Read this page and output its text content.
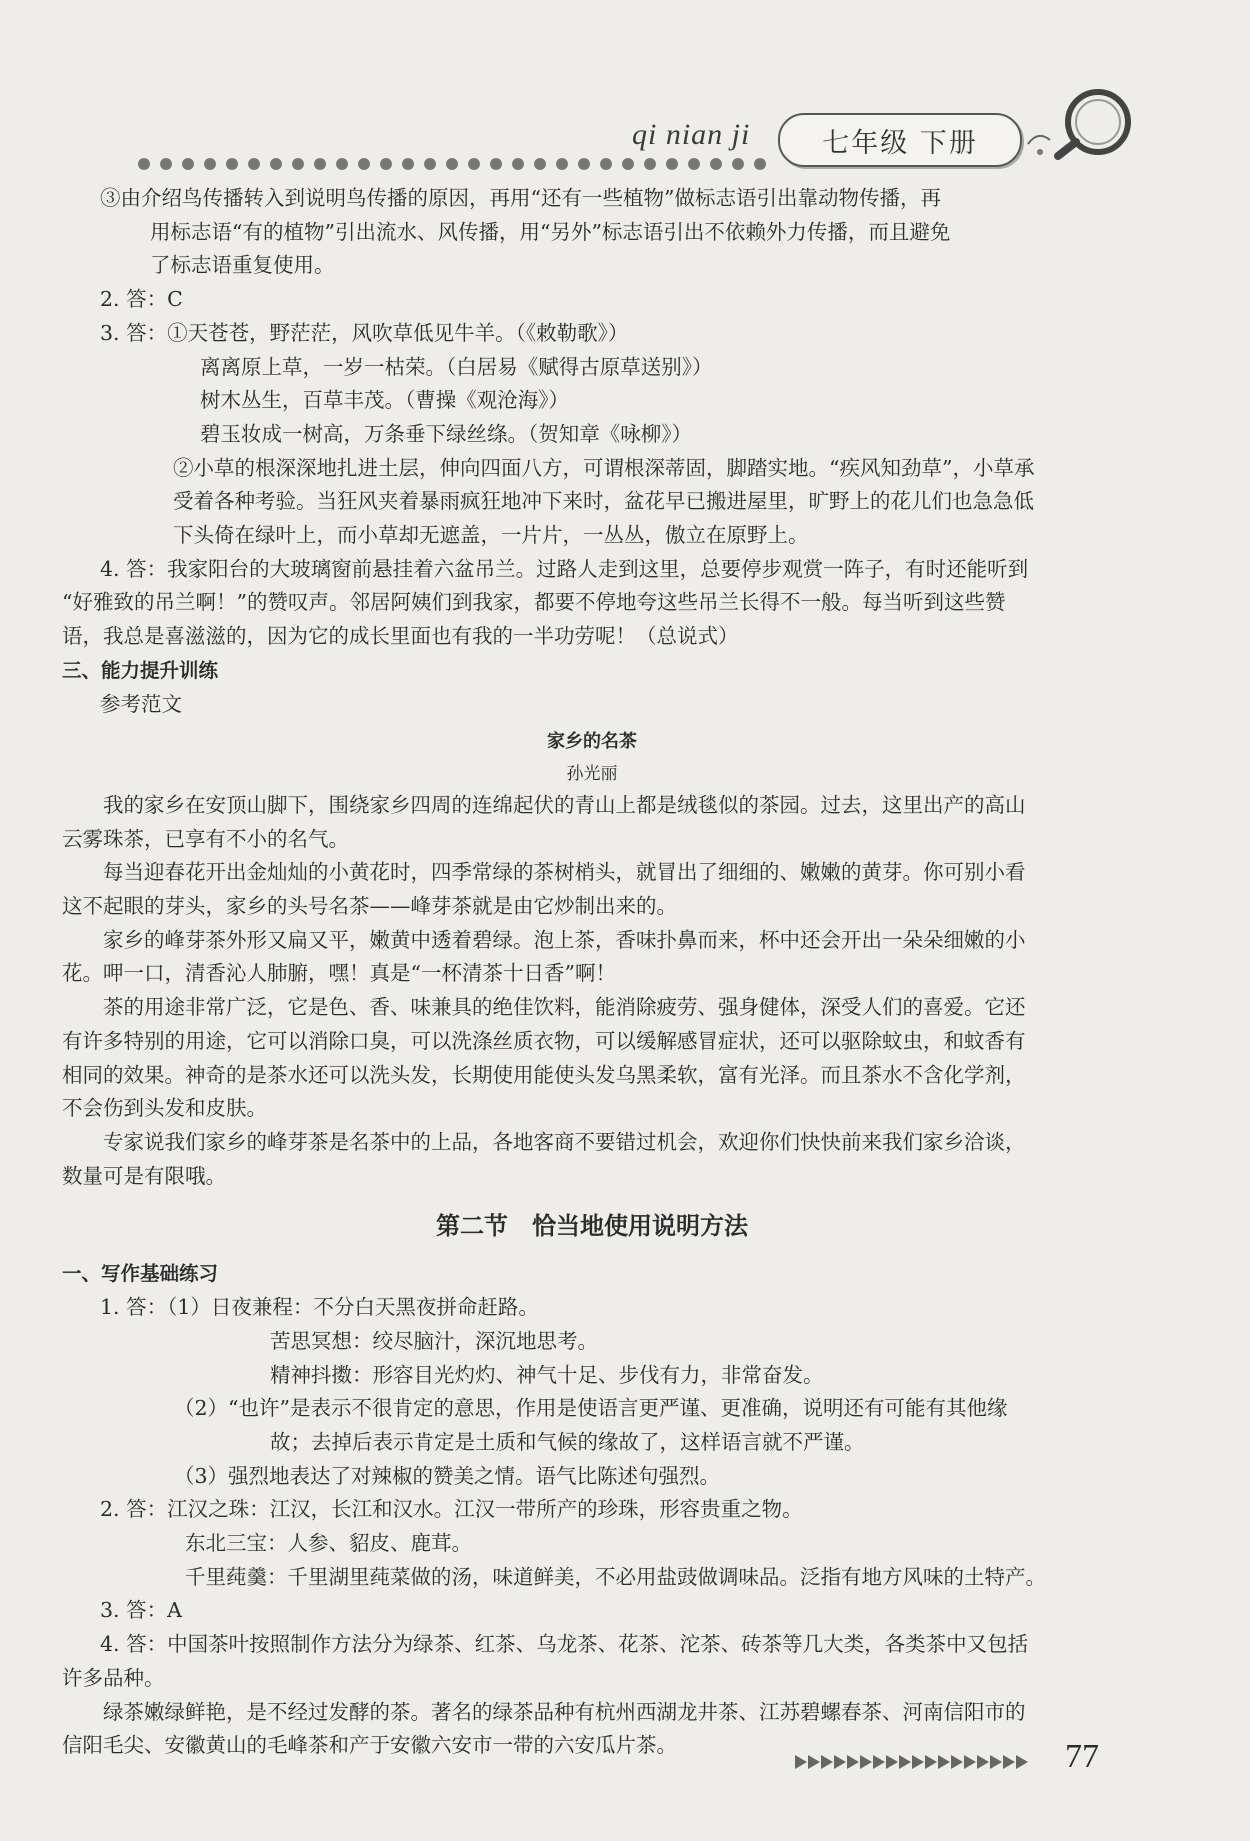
qi nian ji	七年级 下册

③由介绍鸟传播转入到说明鸟传播的原因，再用“还有一些植物”做标志语引出靠动物传播，再

用标志语“有的植物”引出流水、风传播，用“另外”标志语引出不依赖外力传播，而且避免

了标志语重复使用。

2. 答：C

3. 答：①天苍苍，野茫茫，风吹草低见牛羊。（《敕勒歌》）

离离原上草，一岁一枯荣。（白居易《赋得古原草送别》）

树木丛生，百草丰茂。（曹操《观沧海》）

碧玉妆成一树高，万条垂下绿丝绦。（贺知章《咏柳》）

②小草的根深深地扎进土层，伸向四面八方，可谓根深蒂固，脚踏实地。“疾风知劲草”，小草承

受着各种考验。当狂风夹着暴雨疯狂地冲下来时，盆花早已搬进屋里，旷野上的花儿们也急急低

下头倚在绿叶上，而小草却无遮盖，一片片，一丛丛，傲立在原野上。

4. 答：我家阳台的大玻璃窗前悬挂着六盆吊兰。过路人走到这里，总要停步观赏一阵子，有时还能听到

“好雅致的吊兰啊！”的赞叹声。邻居阿姨们到我家，都要不停地夸这些吊兰长得不一般。每当听到这些赞

语，我总是喜滋滋的，因为它的成长里面也有我的一半功劳呢！（总说式）

三、能力提升训练

参考范文

家乡的名茶

孙光丽

我的家乡在安顶山脚下，围绕家乡四周的连绵起伏的青山上都是绒毯似的茶园。过去，这里出产的高山

云雾珠茶，已享有不小的名气。

每当迎春花开出金灿灿的小黄花时，四季常绿的茶树梢头，就冒出了细细的、嫩嫩的黄芽。你可别小看

这不起眼的芽头，家乡的头号名茶——峰芽茶就是由它炒制出来的。

家乡的峰芽茶外形又扁又平，嫩黄中透着碧绿。泡上茶，香味扑鼻而来，杯中还会开出一朵朵细嫩的小

花。呷一口，清香沁人肺腑，嘿！真是“一杯清茶十日香”啊！

茶的用途非常广泛，它是色、香、味兼具的绝佳饮料，能消除疲劳、强身健体，深受人们的喜爱。它还

有许多特别的用途，它可以消除口臭，可以洗涤丝质衣物，可以缓解感冒症状，还可以驱除蚊虫，和蚊香有

相同的效果。神奇的是茶水还可以洗头发，长期使用能使头发乌黑柔软，富有光泽。而且茶水不含化学剂，

不会伤到头发和皮肤。

专家说我们家乡的峰芽茶是名茶中的上品，各地客商不要错过机会，欢迎你们快快前来我们家乡洽谈，

数量可是有限哦。

第二节 恰当地使用说明方法

一、写作基础练习

1. 答：（1）日夜兼程：不分白天黑夜拼命赶路。

苦思冥想：绞尽脑汁，深沉地思考。

精神抖擞：形容目光灼灼、神气十足、步伐有力，非常奋发。

（2）“也许”是表示不很肯定的意思，作用是使语言更严谨、更准确，说明还有可能有其他缘

故；去掉后表示肯定是土质和气候的缘故了，这样语言就不严谨。

（3）强烈地表达了对辣椒的赞美之情。语气比陈述句强烈。

2. 答：江汉之珠：江汉，长江和汉水。江汉一带所产的珍珠，形容贵重之物。

东北三宝：人参、貂皮、鹿茸。

千里莼羹：千里湖里莼菜做的汤，味道鲜美，不必用盐豉做调味品。泛指有地方风味的土特产。

3. 答：A

4. 答：中国茶叶按照制作方法分为绿茶、红茶、乌龙茶、花茶、沱茶、砖茶等几大类，各类茶中又包括

许多品种。

绿茶嫩绿鲜艳，是不经过发酵的茶。著名的绿茶品种有杭州西湖龙井茶、江苏碧螺春茶、河南信阳市的

信阳毛尖、安徽黄山的毛峰茶和产于安徽六安市一带的六安瓜片茶。	77
